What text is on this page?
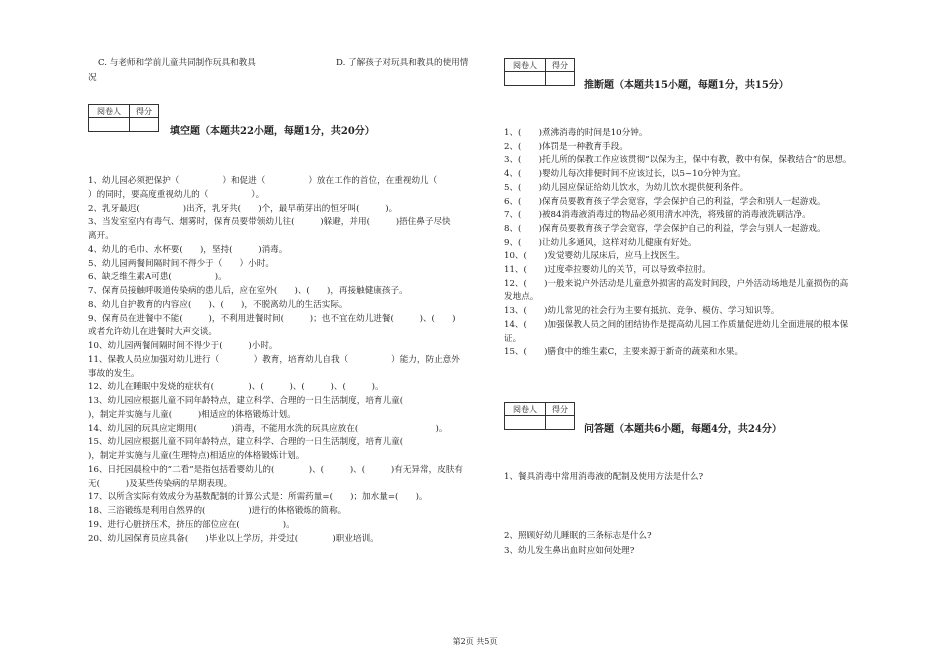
C. 与老师和学前儿童共同制作玩具和教具	D. 了解孩子对玩具和教具的使用情
况
阅卷人	得分

填空题（本题共22小题，每题1分，共20分）
1、幼儿园必须把保护（　　　　　）和促进（　　　　　）放在工作的首位，在重视幼儿（　
）的同时，要高度重视幼儿的（　　　　　）。
2、乳牙最迟(　　　　　)出齐，乳牙共(　　)个，最早萌芽出的恒牙叫(　　　)。
3、当发室室内有毒气、烟雾时，保育员要带领幼儿往(　　　)躲避，并用(　　　)捂住鼻子尽快
离开。
4、幼儿的毛巾、水杯要(　　)，坚持(　　　)消毒。
5、幼儿园两餐间隔时间不得少于（　　）小时。
6、缺乏维生素A可患(　　　　　)。
7、保育员接触呼吸道传染病的患儿后，应在室外(　　)、(　　)，再接触健康孩子。
8、幼儿自护教育的内容应(　　)、(　　)，不脱离幼儿的生活实际。
9、保育员在进餐中不能(　　　)，不利用进餐时间(　　　)；也不宜在幼儿进餐(　　　)、(　　)
或者允许幼儿在进餐时大声交谈。
10、幼儿园两餐间隔时间不得少于(　　　)小时。
11、保教人员应加强对幼儿进行（　　　　）教育，培育幼儿自我（　　　　　）能力，防止意外
事故的发生。
12、幼儿在睡眠中发烧的症状有(　　　　)、(　　　)、(　　　)、(　　　)。
13、幼儿园应根据儿童不同年龄特点，建立科学、合理的一日生活制度，培育儿童(　　　　　　　
)，制定并实施与儿童(　　　)相适应的体格锻炼计划。
14、幼儿园的玩具应定期用(　　　　)消毒，不能用水洗的玩具应放在(　　　　　　　　　)。
15、幼儿园应根据儿童不同年龄特点，建立科学、合理的一日生活制度，培育儿童(　　　　　　　
)，制定并实施与儿童(生理特点)相适应的体格锻炼计划。
16、日托园晨检中的“二看”是指包括看婴幼儿的(　　　　)、(　　　)、(　　　)有无异常，皮肤有
无(　　　)及某些传染病的早期表现。
17、以所含实际有效成分为基数配制的计算公式是：所需药量=(　　)；加水量=(　　)。
18、三浴锻练是利用自然界的(　　　　　)进行的体格锻炼的简称。
19、进行心脏挤压术，挤压的部位应在(　　　　　)。
20、幼儿园保育员应具备(　　)毕业以上学历，并受过(　　　　)职业培训。
阅卷人	得分

推断题（本题共15小题，每题1分，共15分）
1、(　　)煮沸消毒的时间是10分钟。
2、(　　)体罚是一种教育手段。
3、(　　)托儿所的保教工作应该贯彻“以保为主，保中有教，教中有保，保教结合”的思想。
4、(　　)婴幼儿每次排便时间不应该过长，以5~10分钟为宜。
5、(　　)幼儿园应保证给幼儿饮水，为幼儿饮水提供便利条件。
6、(　　)保育员要教育孩子学会宽容，学会保护自己的利益，学会和别人一起游戏。
7、(　　)被84消毒液消毒过的物品必须用清水冲洗，将残留的消毒液洗刷洁净。
8、(　　)保育员要教育孩子学会宽容，学会保护自己的利益，学会与别人一起游戏。
9、(　　)让幼儿多通风，这样对幼儿健康有好处。
10、(　　)发觉婴幼儿尿床后，应马上找医生。
11、(　　)过度牵拉婴幼儿的关节，可以导致牵拉肘。
12、(　　)一般来说户外活动是儿童意外损害的高发时间段，户外活动场地是儿童损伤的高
发地点。
13、(　　)幼儿常见的社会行为主要有抵抗、竞争、模仿、学习知识等。
14、(　　)加强保教人员之间的团结协作是提高幼儿园工作质量促进幼儿全面进展的根本保
证。
15、(　　)膳食中的维生素C，主要来源于新奇的蔬菜和水果。
阅卷人	得分

问答题（本题共6小题，每题4分，共24分）
1、餐具消毒中常用消毒液的配制及使用方法是什么?
2、照顾好幼儿睡眠的三条标志是什么?
3、幼儿发生鼻出血时应如何处理?
第2页 共5页
